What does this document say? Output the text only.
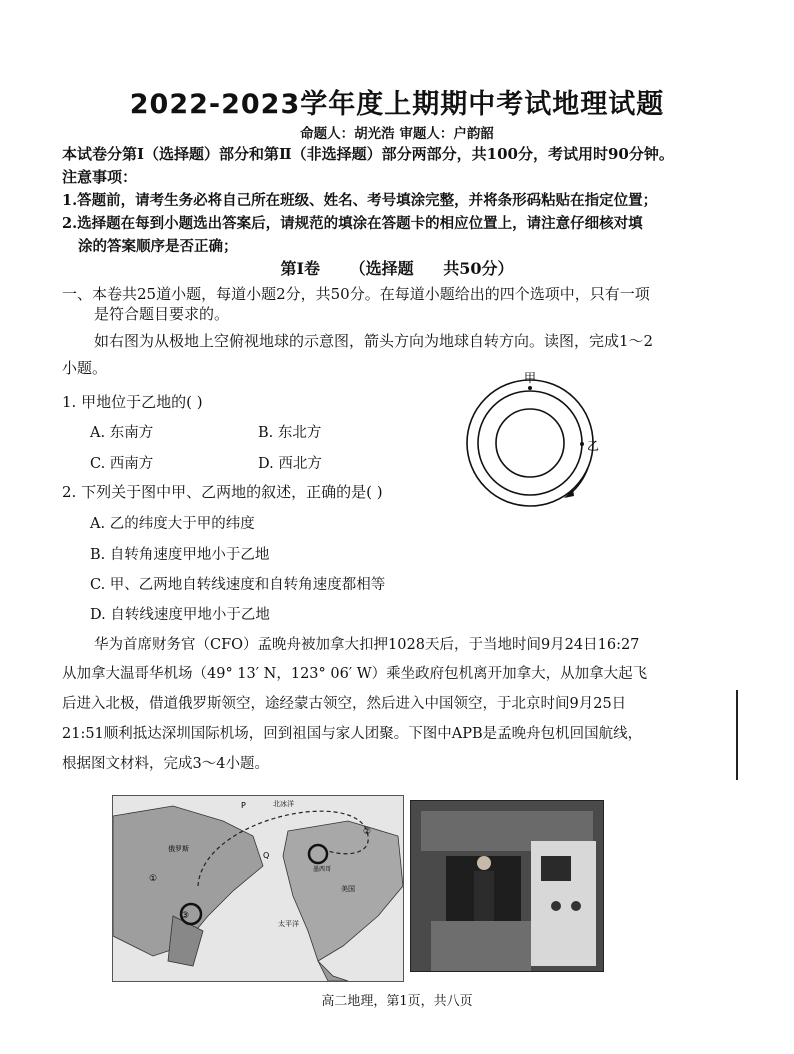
2022-2023学年度上期期中考试地理试题
命题人：胡光浩 审题人：户韵韶
本试卷分第Ⅰ（选择题）部分和第Ⅱ（非选择题）部分两部分，共100分，考试用时90分钟。
注意事项：
1.答题前，请考生务必将自己所在班级、姓名、考号填涂完整，并将条形码粘贴在指定位置；
2.选择题在每到小题选出答案后，请规范的填涂在答题卡的相应位置上，请注意仔细核对填
涂的答案顺序是否正确；
第Ⅰ卷 （选择题 共50分）
一、本卷共25道小题，每道小题2分，共50分。在每道小题给出的四个选项中，只有一项
是符合题目要求的。
如右图为从极地上空俯视地球的示意图，箭头方向为地球自转方向。读图，完成1～2
小题。
1. 甲地位于乙地的( )
A. 东南方	B. 东北方
C. 西南方	D. 西北方
2. 下列关于图中甲、乙两地的叙述，正确的是( )
A. 乙的纬度大于甲的纬度
B. 自转角速度甲地小于乙地
C. 甲、乙两地自转线速度和自转角速度都相等
D. 自转线速度甲地小于乙地
甲
乙
华为首席财务官（CFO）孟晚舟被加拿大扣押1028天后，于当地时间9月24日16:27
从加拿大温哥华机场（49° 13′ N，123° 06′ W）乘坐政府包机离开加拿大，从加拿大起飞
后进入北极，借道俄罗斯领空，途经蒙古领空，然后进入中国领空，于北京时间9月25日
21:51顺利抵达深圳国际机场，回到祖国与家人团聚。下图中APB是孟晚舟包机回国航线，
根据图文材料，完成3～4小题。
P	北冰洋
俄罗斯
Q
美国
太平洋
墨西哥
①
②
③
高二地理，第1页，共八页
